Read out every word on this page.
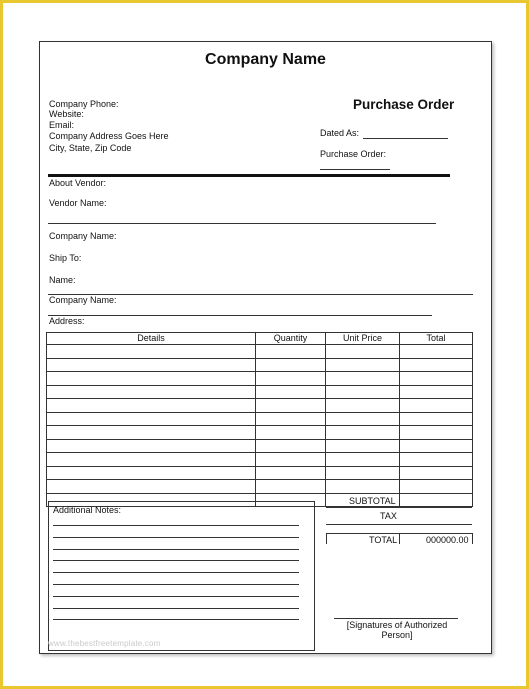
Company Name
Purchase Order
Company Phone:
Website:
Email:
Company Address Goes Here
City, State, Zip Code
Dated As:
Purchase Order:
About Vendor:
Vendor Name:
Company Name:
Ship To:
Name:
Company Name:
Address:
Details	Quantity	Unit Price	Total

Additional Notes:
SUBTOTAL
TAX
TOTAL	000000.00
[Signatures of Authorized Person]
www.thebestfreetemplate.com
